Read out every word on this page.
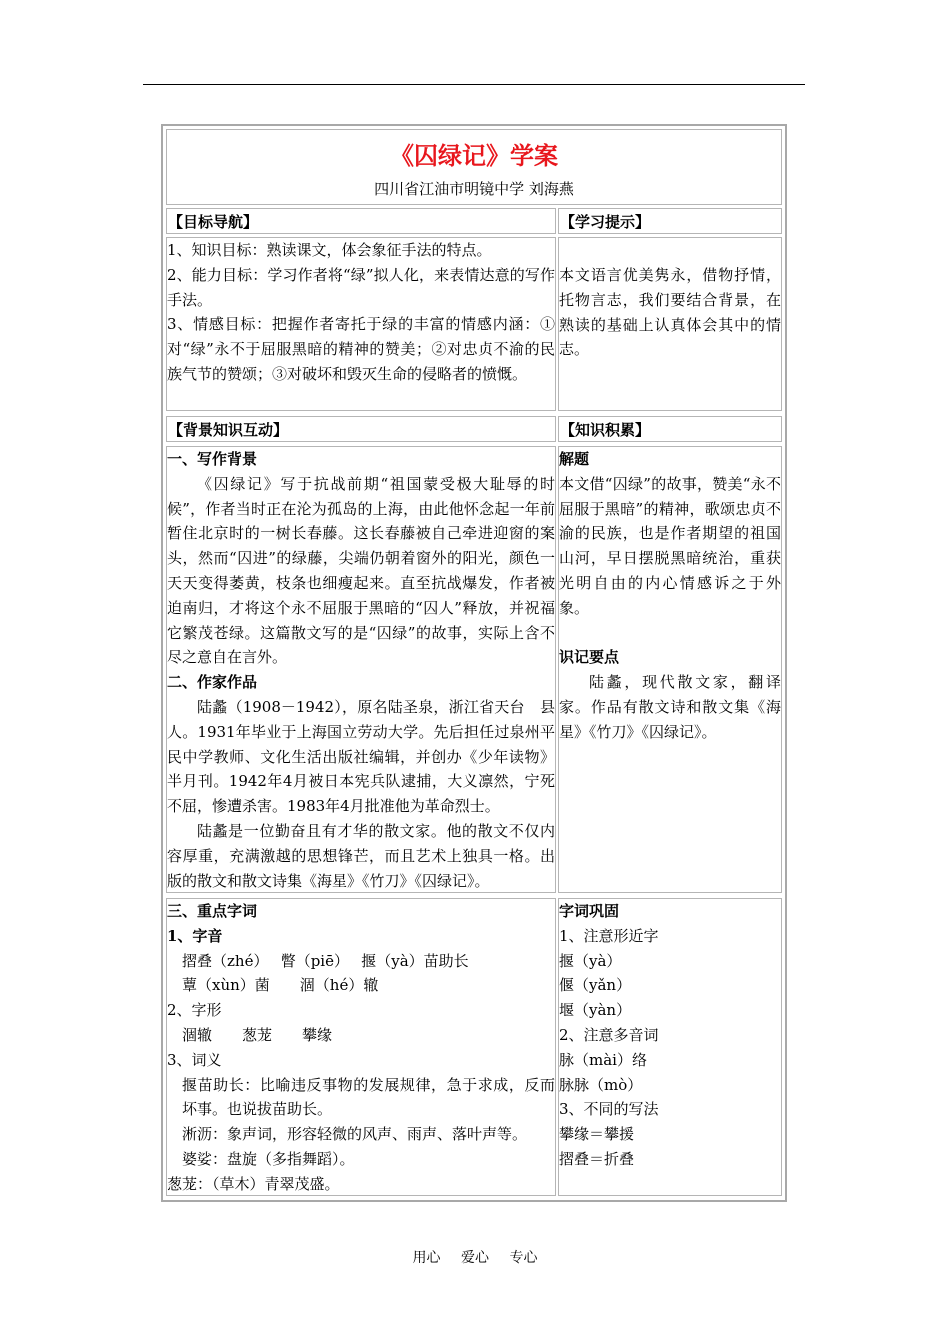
《囚绿记》学案
四川省江油市明镜中学 刘海燕
【目标导航】	【学习提示】

1、知识目标：熟读课文，体会象征手法的特点。

2、能力目标：学习作者将“绿”拟人化，来表情达意的写作手法。

3、情感目标：把握作者寄托于绿的丰富的情感内涵：①对“绿”永不于屈服黑暗的精神的赞美；②对忠贞不渝的民族气节的赞颂；③对破坏和毁灭生命的侵略者的愤慨。

本文语言优美隽永，借物抒情，托物言志，我们要结合背景，在熟读的基础上认真体会其中的情志。

【背景知识互动】	【知识积累】

一、写作背景

《囚绿记》写于抗战前期“祖国蒙受极大耻辱的时候”，作者当时正在沦为孤岛的上海，由此他怀念起一年前暂住北京时的一树长春藤。这长春藤被自己牵进迎窗的案头，然而“囚进”的绿藤，尖端仍朝着窗外的阳光，颜色一天天变得萎黄，枝条也细瘦起来。直至抗战爆发，作者被迫南归，才将这个永不屈服于黑暗的“囚人”释放，并祝福它繁茂苍绿。这篇散文写的是“囚绿”的故事，实际上含不尽之意自在言外。

二、作家作品

陆蠡（1908－1942），原名陆圣泉，浙江省天台　县人。1931年毕业于上海国立劳动大学。先后担任过泉州平民中学教师、文化生活出版社编辑，并创办《少年读物》半月刊。1942年4月被日本宪兵队逮捕，大义凛然，宁死不屈，惨遭杀害。1983年4月批准他为革命烈士。

陆蠡是一位勤奋且有才华的散文家。他的散文不仅内容厚重，充满激越的思想锋芒，而且艺术上独具一格。出版的散文和散文诗集《海星》《竹刀》《囚绿记》。

解题

本文借“囚绿”的故事，赞美“永不屈服于黑暗”的精神，歌颂忠贞不渝的民族，也是作者期望的祖国山河，早日摆脱黑暗统治，重获光明自由的内心情感诉之于外象。

识记要点

陆蠡，现代散文家，翻译家。作品有散文诗和散文集《海星》《竹刀》《囚绿记》。

三、重点字词

1、字音

摺叠（zhé）　 瞥（piē）　 揠（yà）苗助长

蕈（xùn）菌　　涸（hé）辙

2、字形

涸辙　　葱茏　　攀缘

3、词义

揠苗助长：比喻违反事物的发展规律，急于求成，反而坏事。也说拔苗助长。

淅沥：象声词，形容轻微的风声、雨声、落叶声等。

婆娑：盘旋（多指舞蹈）。

葱茏：（草木）青翠茂盛。

字词巩固

1、注意形近字

揠（yà）

偃（yǎn）

堰（yàn）

2、注意多音词

脉（mài）络

脉脉（mò）

3、不同的写法

攀缘＝攀援

摺叠＝折叠

用心 爱心 专心
